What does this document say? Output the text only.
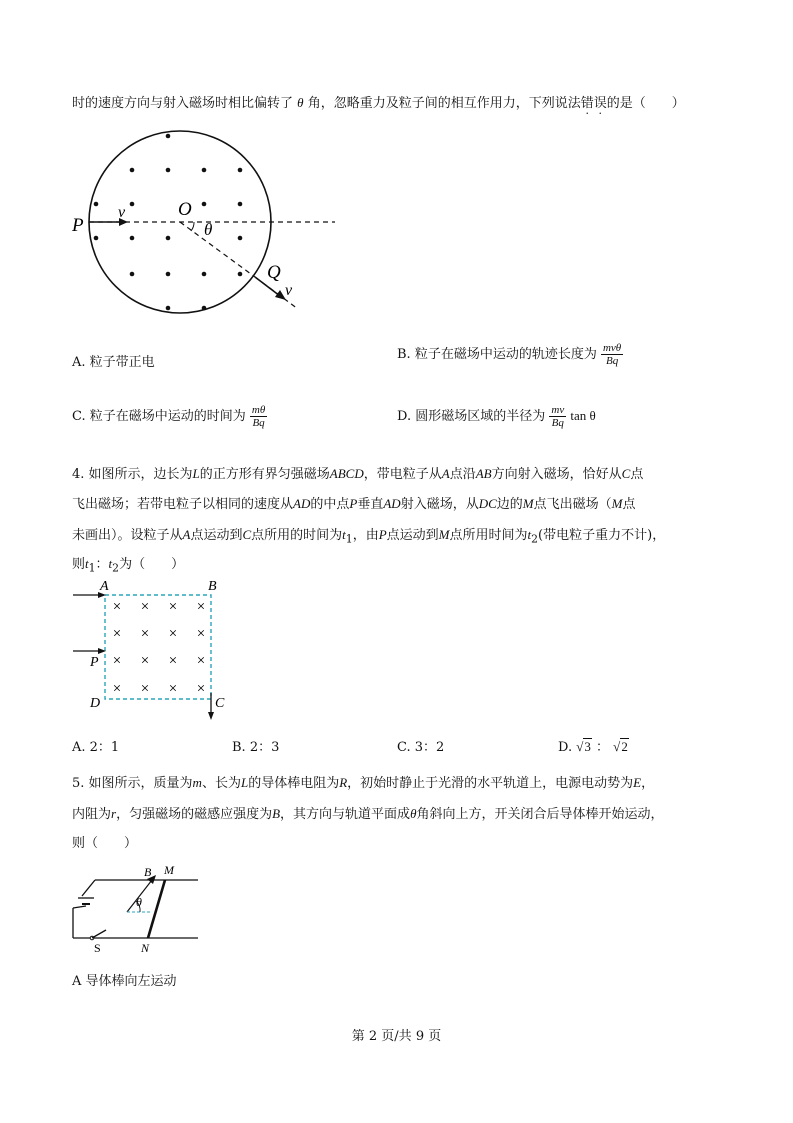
时的速度方向与射入磁场时相比偏转了 θ 角，忽略重力及粒子间的相互作用力，下列说法错误的是（　　）
P
v	O
θ
Q
v
A. 粒子带正电
B. 粒子在磁场中运动的轨迹长度为 $\frac{\text{mvθ}}{Bq}$
C. 粒子在磁场中运动的时间为 $\frac{m\theta}{Bq}$	D. 圆形磁场区域的半径为 $\frac{mv}{Bq}$ tan θ
4. 如图所示，边长为L的正方形有界匀强磁场ABCD，带电粒子从A点沿AB方向射入磁场，恰好从C点
飞出磁场；若带电粒子以相同的速度从AD的中点P垂直AD射入磁场，从DC边的M点飞出磁场（M点
未画出）。设粒子从A点运动到C点所用的时间为$t_1$，由P点运动到M点所用时间为$t_2$(带电粒子重力不计)，
则$t_1$：$t_2$为（　　）
× × × ×
× × × ×
× × × ×
× × × ×
A	B
P
D	C
A. 2：1	B. 2：3	C. 3：2	D. √3 ： √2
5. 如图所示，质量为m、长为L的导体棒电阻为R，初始时静止于光滑的水平轨道上，电源电动势为E，
内阻为r，匀强磁场的磁感应强度为B，其方向与轨道平面成θ角斜向上方，开关闭合后导体棒开始运动，
则（　　）
B M
θ
S	N
A 导体棒向左运动
第 2 页/共 9 页
